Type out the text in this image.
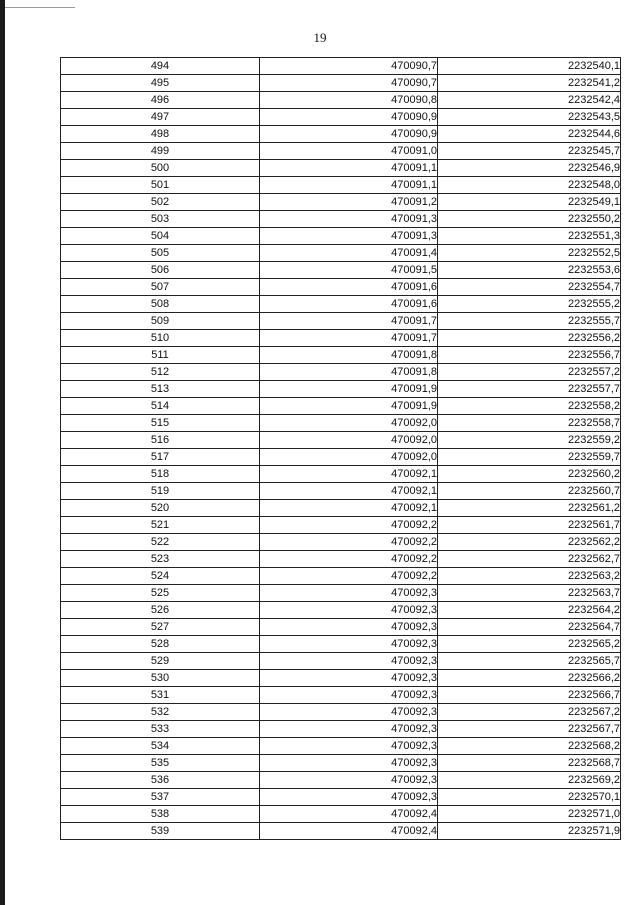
19
494	470090,7	2232540,1
495	470090,7	2232541,2
496	470090,8	2232542,4
497	470090,9	2232543,5
498	470090,9	2232544,6
499	470091,0	2232545,7
500	470091,1	2232546,9
501	470091,1	2232548,0
502	470091,2	2232549,1
503	470091,3	2232550,2
504	470091,3	2232551,3
505	470091,4	2232552,5
506	470091,5	2232553,6
507	470091,6	2232554,7
508	470091,6	2232555,2
509	470091,7	2232555,7
510	470091,7	2232556,2
511	470091,8	2232556,7
512	470091,8	2232557,2
513	470091,9	2232557,7
514	470091,9	2232558,2
515	470092,0	2232558,7
516	470092,0	2232559,2
517	470092,0	2232559,7
518	470092,1	2232560,2
519	470092,1	2232560,7
520	470092,1	2232561,2
521	470092,2	2232561,7
522	470092,2	2232562,2
523	470092,2	2232562,7
524	470092,2	2232563,2
525	470092,3	2232563,7
526	470092,3	2232564,2
527	470092,3	2232564,7
528	470092,3	2232565,2
529	470092,3	2232565,7
530	470092,3	2232566,2
531	470092,3	2232566,7
532	470092,3	2232567,2
533	470092,3	2232567,7
534	470092,3	2232568,2
535	470092,3	2232568,7
536	470092,3	2232569,2
537	470092,3	2232570,1
538	470092,4	2232571,0
539	470092,4	2232571,9
